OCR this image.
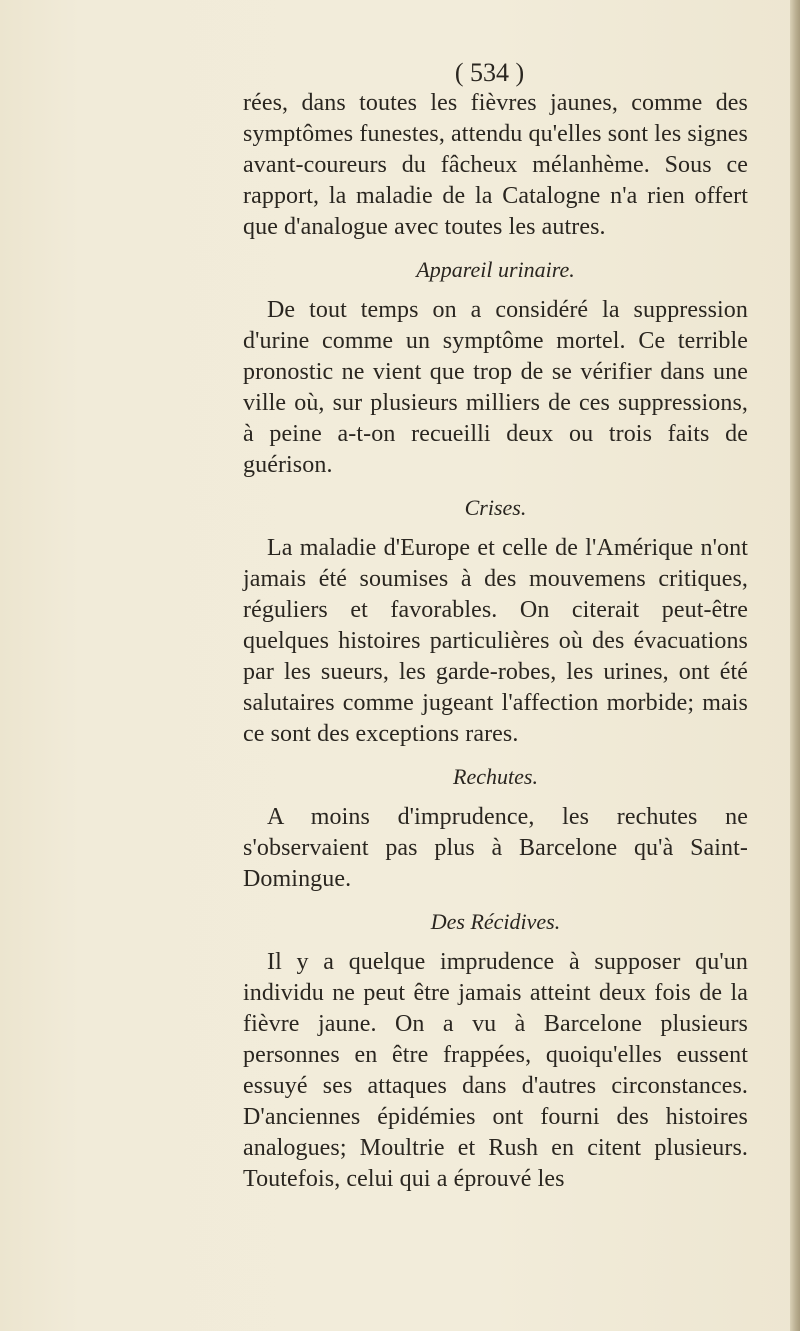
( 534 )

rées, dans toutes les fièvres jaunes, comme des symptômes funestes, attendu qu'elles sont les signes avant-coureurs du fâcheux mélanhème. Sous ce rapport, la maladie de la Catalogne n'a rien offert que d'analogue avec toutes les autres.

Appareil urinaire.

De tout temps on a considéré la suppression d'urine comme un symptôme mortel. Ce terrible pronostic ne vient que trop de se vérifier dans une ville où, sur plusieurs milliers de ces suppressions, à peine a-t-on recueilli deux ou trois faits de guérison.

Crises.

La maladie d'Europe et celle de l'Amérique n'ont jamais été soumises à des mouvemens critiques, réguliers et favorables. On citerait peut-être quelques histoires particulières où des évacuations par les sueurs, les garde-robes, les urines, ont été salutaires comme jugeant l'affection morbide; mais ce sont des exceptions rares.

Rechutes.

A moins d'imprudence, les rechutes ne s'observaient pas plus à Barcelone qu'à Saint-Domingue.

Des Récidives.

Il y a quelque imprudence à supposer qu'un individu ne peut être jamais atteint deux fois de la fièvre jaune. On a vu à Barcelone plusieurs personnes en être frappées, quoiqu'elles eussent essuyé ses attaques dans d'autres circonstances. D'anciennes épidémies ont fourni des histoires analogues; Moultrie et Rush en citent plusieurs. Toutefois, celui qui a éprouvé les
